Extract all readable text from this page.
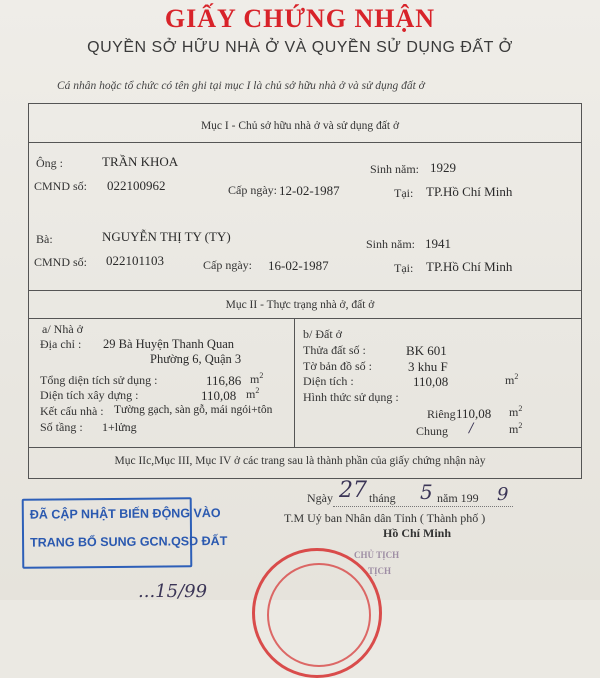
GIẤY CHỨNG NHẬN
QUYỀN SỞ HỮU NHÀ Ở VÀ QUYỀN SỬ DỤNG ĐẤT Ở
Cá nhân hoặc tổ chức có tên ghi tại mục I là chủ sở hữu nhà ở và sử dụng đất ở
Mục I - Chủ sở hữu nhà ở và sử dụng đất ở
Ông :	TRẦN KHOA	Sinh năm: 1929
CMND số: 022100962	Cấp ngày: 12-02-1987	Tại: TP.Hồ Chí Minh
Bà:	NGUYỄN THỊ TY (TY)	Sinh năm: 1941
CMND số: 022101103	Cấp ngày: 16-02-1987	Tại: TP.Hồ Chí Minh
Mục II - Thực trạng nhà ở, đất ở
a/ Nhà ở
Địa chỉ : 29 Bà Huyện Thanh Quan
Phường 6, Quận 3
Tổng diện tích sử dụng :	116,86 $m^2$
Diện tích xây dựng :	110,08 $m^2$
Kết cấu nhà : Tường gạch, sàn gỗ, mái ngói+tôn
Số tầng : 1+lửng
b/ Đất ở
Thửa đất số :	BK 601
Tờ bản đồ số :	3 khu F
Diện tích :	110,08	$m^2$
Hình thức sử dụng :
Riêng 110,08 $m^2$
Chung /	$m^2$
Mục IIc,Mục III, Mục IV ở các trang sau là thành phần của giấy chứng nhận này
Ngày 27 tháng 5 năm 199 9
T.M Uỷ ban Nhân dân Tỉnh ( Thành phố )
Hồ Chí Minh
CHỦ TỊCH
TỊCH
ĐÃ CẬP NHẬT BIẾN ĐỘNG VÀO
TRANG BỔ SUNG GCN.QSD ĐẤT
...15/99
